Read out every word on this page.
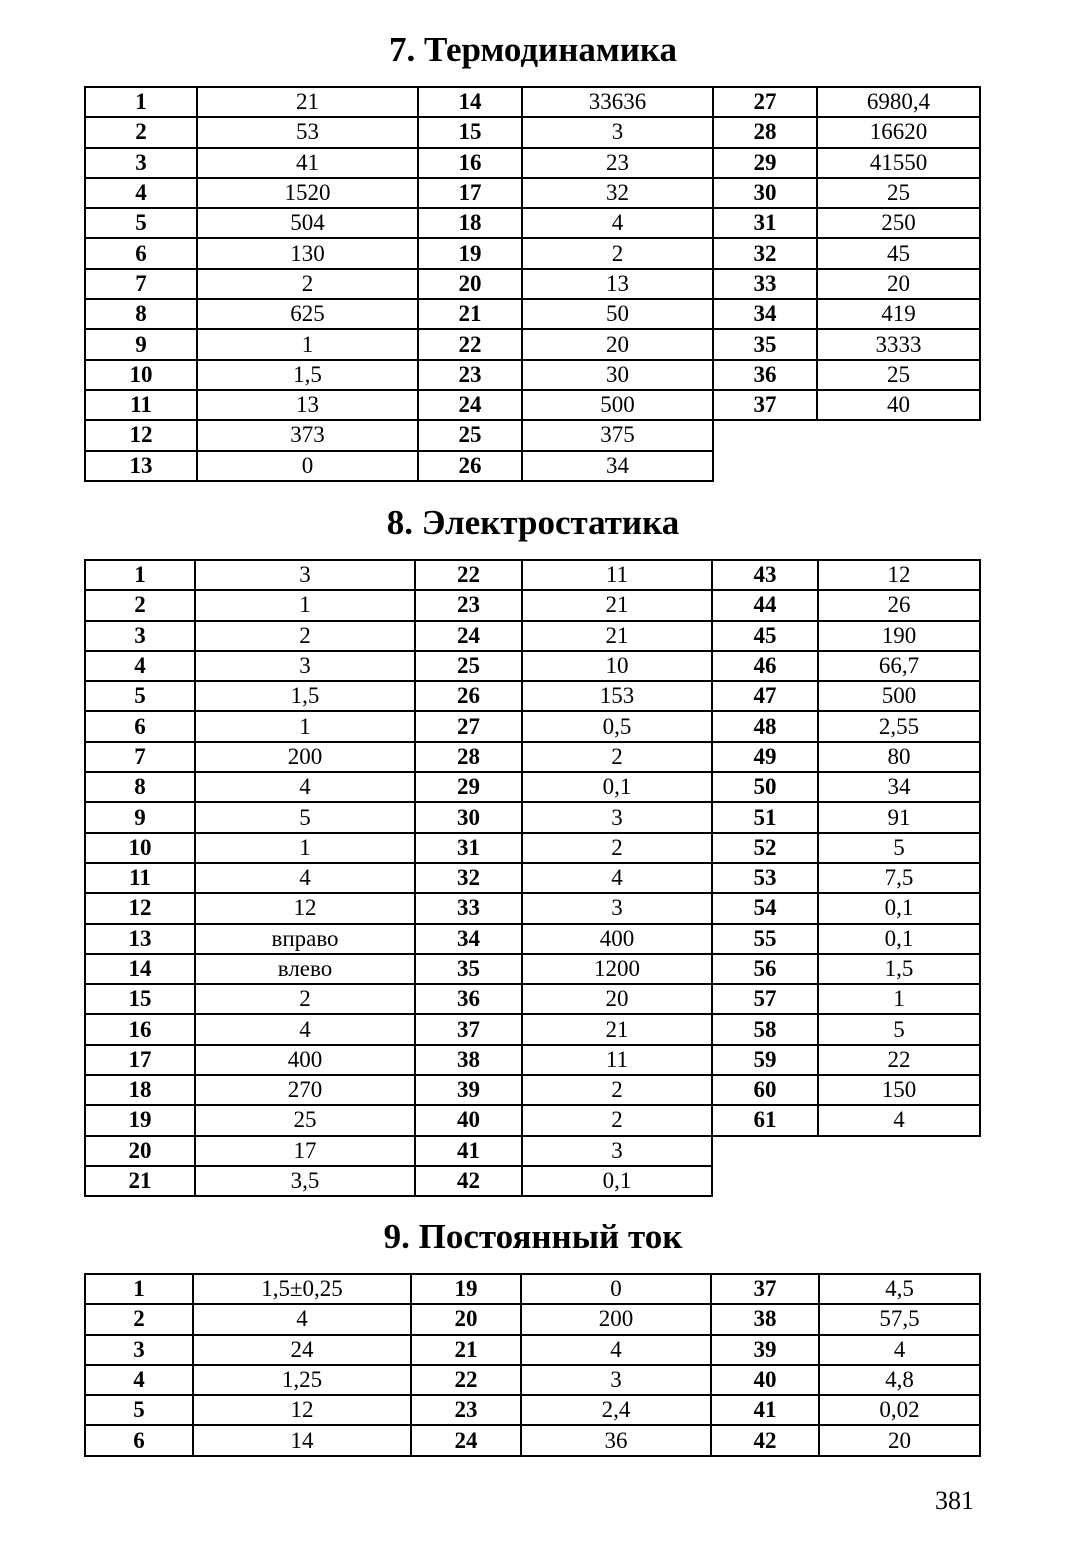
7. Термодинамика
1	21	14	33636	27	6980,4
2	53	15	3	28	16620
3	41	16	23	29	41550
4	1520	17	32	30	25
5	504	18	4	31	250
6	130	19	2	32	45
7	2	20	13	33	20
8	625	21	50	34	419
9	1	22	20	35	3333
10	1,5	23	30	36	25
11	13	24	500	37	40
12	373	25	375		
13	0	26	34		
8. Электростатика
1	3	22	11	43	12
2	1	23	21	44	26
3	2	24	21	45	190
4	3	25	10	46	66,7
5	1,5	26	153	47	500
6	1	27	0,5	48	2,55
7	200	28	2	49	80
8	4	29	0,1	50	34
9	5	30	3	51	91
10	1	31	2	52	5
11	4	32	4	53	7,5
12	12	33	3	54	0,1
13	вправо	34	400	55	0,1
14	влево	35	1200	56	1,5
15	2	36	20	57	1
16	4	37	21	58	5
17	400	38	11	59	22
18	270	39	2	60	150
19	25	40	2	61	4
20	17	41	3		
21	3,5	42	0,1		
9. Постоянный ток
1	1,5±0,25	19	0	37	4,5
2	4	20	200	38	57,5
3	24	21	4	39	4
4	1,25	22	3	40	4,8
5	12	23	2,4	41	0,02
6	14	24	36	42	20
381
